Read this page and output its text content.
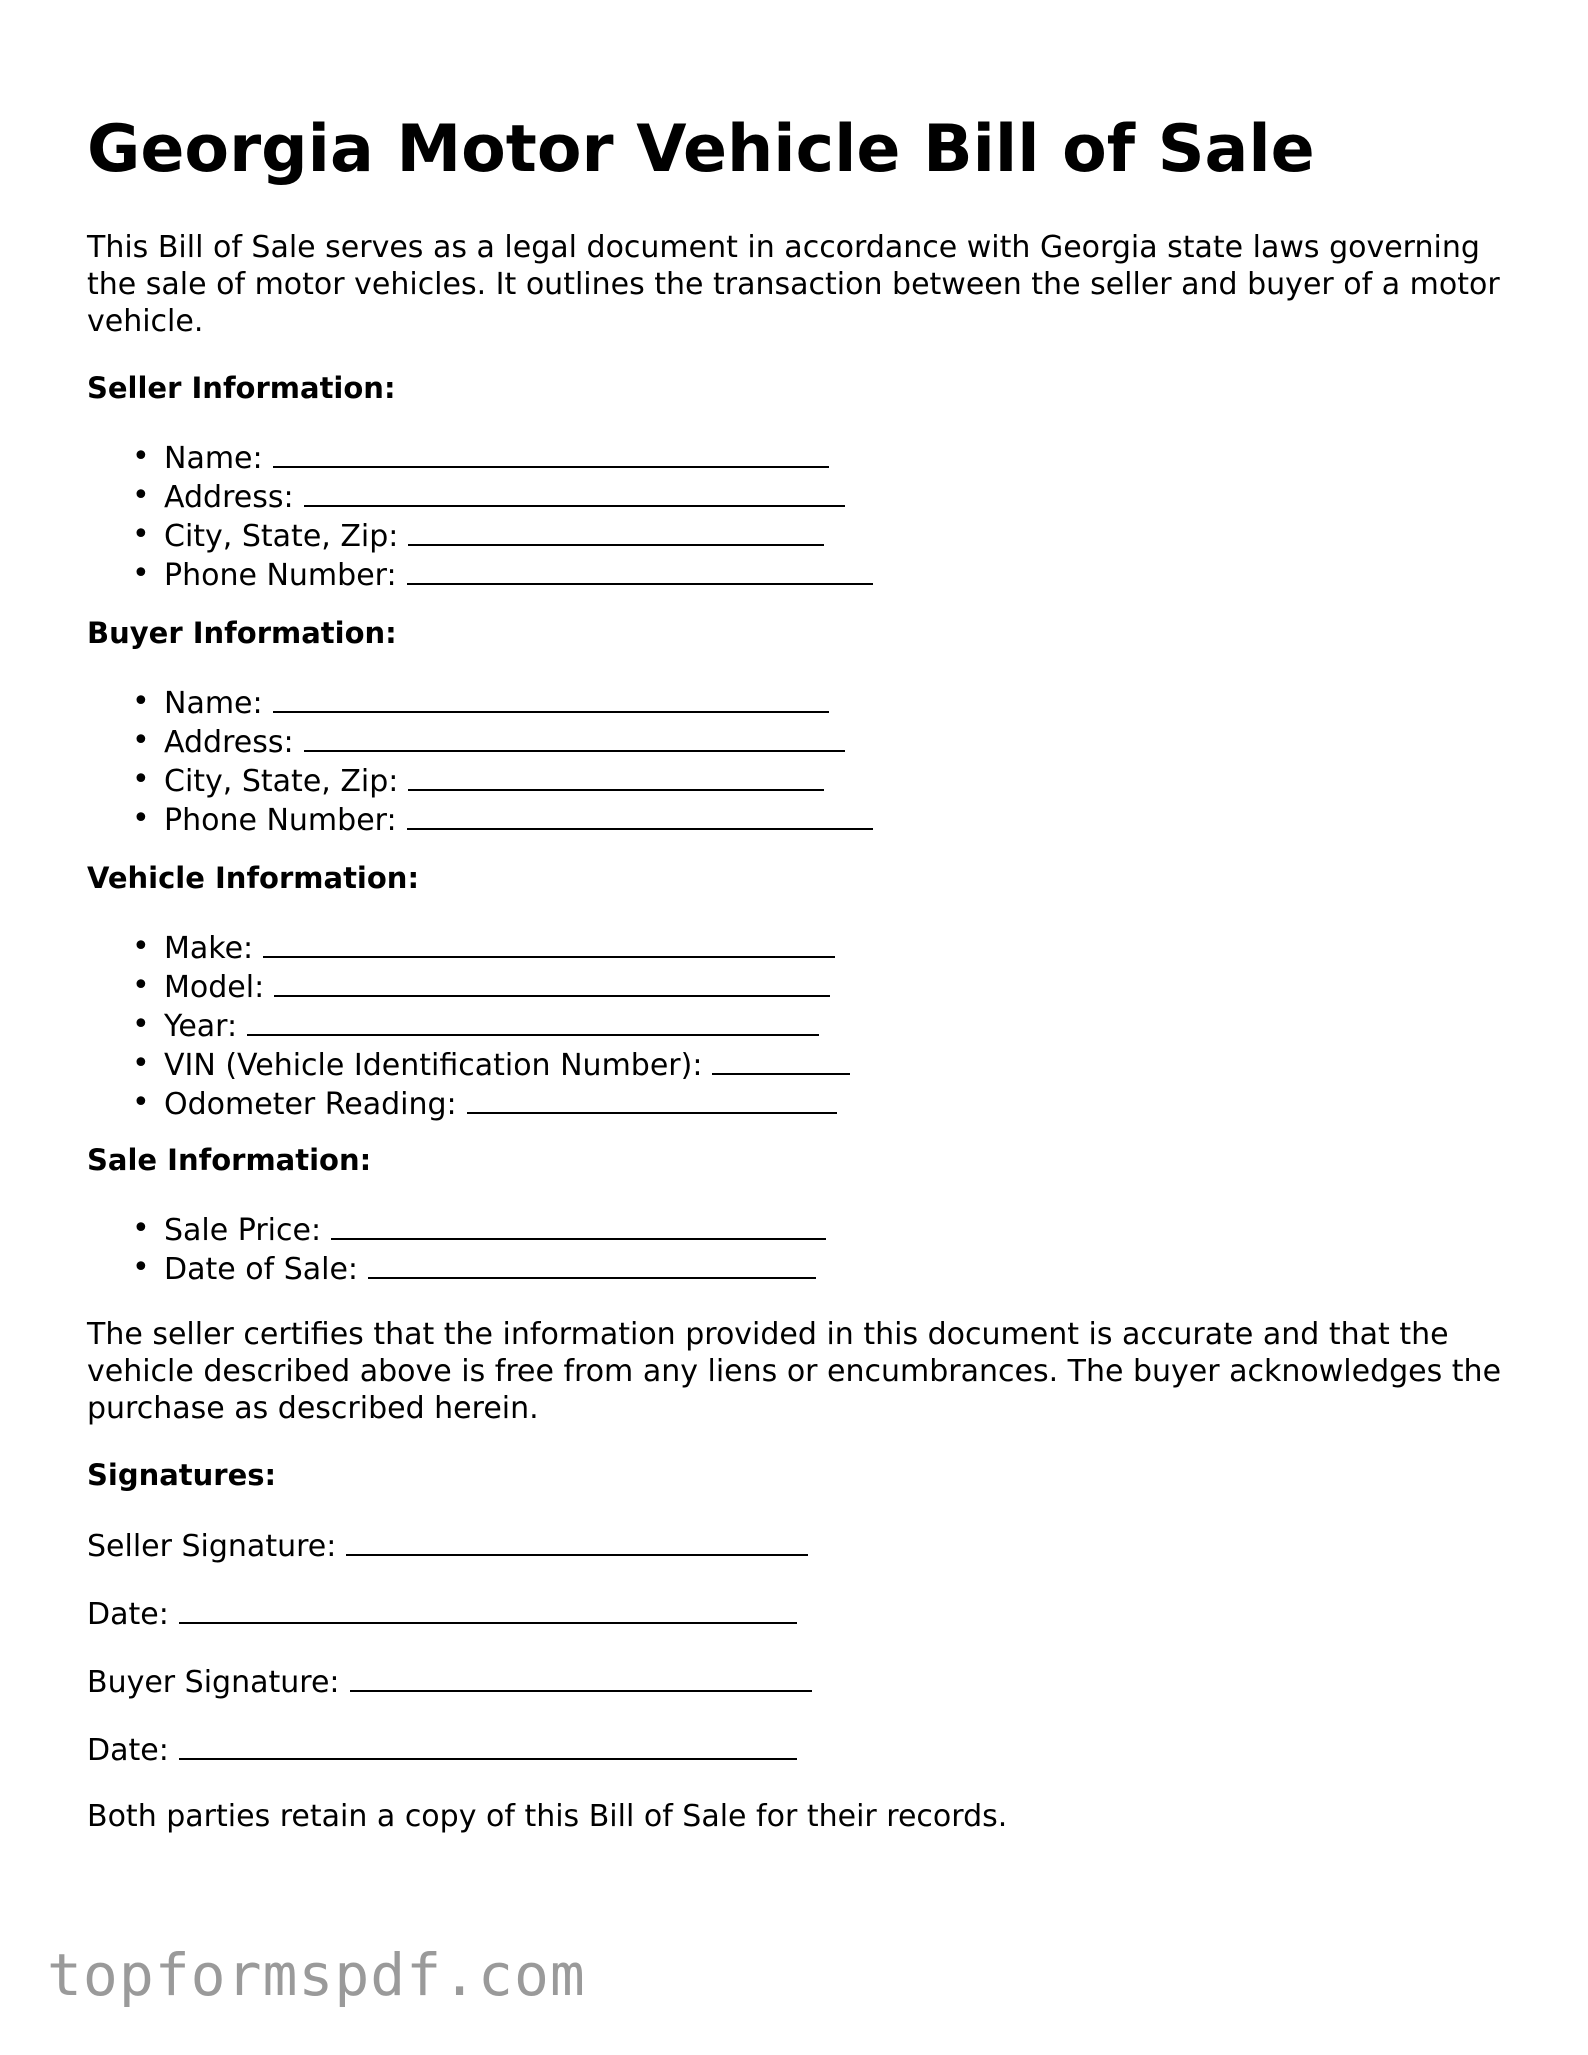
Georgia Motor Vehicle Bill of Sale

This Bill of Sale serves as a legal document in accordance with Georgia state laws governing the sale of motor vehicles. It outlines the transaction between the seller and buyer of a motor vehicle.

Seller Information:
• Name:
• Address:
• City, State, Zip:
• Phone Number:
Buyer Information:
• Name:
• Address:
• City, State, Zip:
• Phone Number:
Vehicle Information:
• Make:
• Model:
• Year:
• VIN (Vehicle Identification Number):
• Odometer Reading:
Sale Information:
• Sale Price:
• Date of Sale:

The seller certifies that the information provided in this document is accurate and that the vehicle described above is free from any liens or encumbrances. The buyer acknowledges the purchase as described herein.

Signatures:

Seller Signature:

Date:

Buyer Signature:

Date:

Both parties retain a copy of this Bill of Sale for their records.

topformspdf.com
